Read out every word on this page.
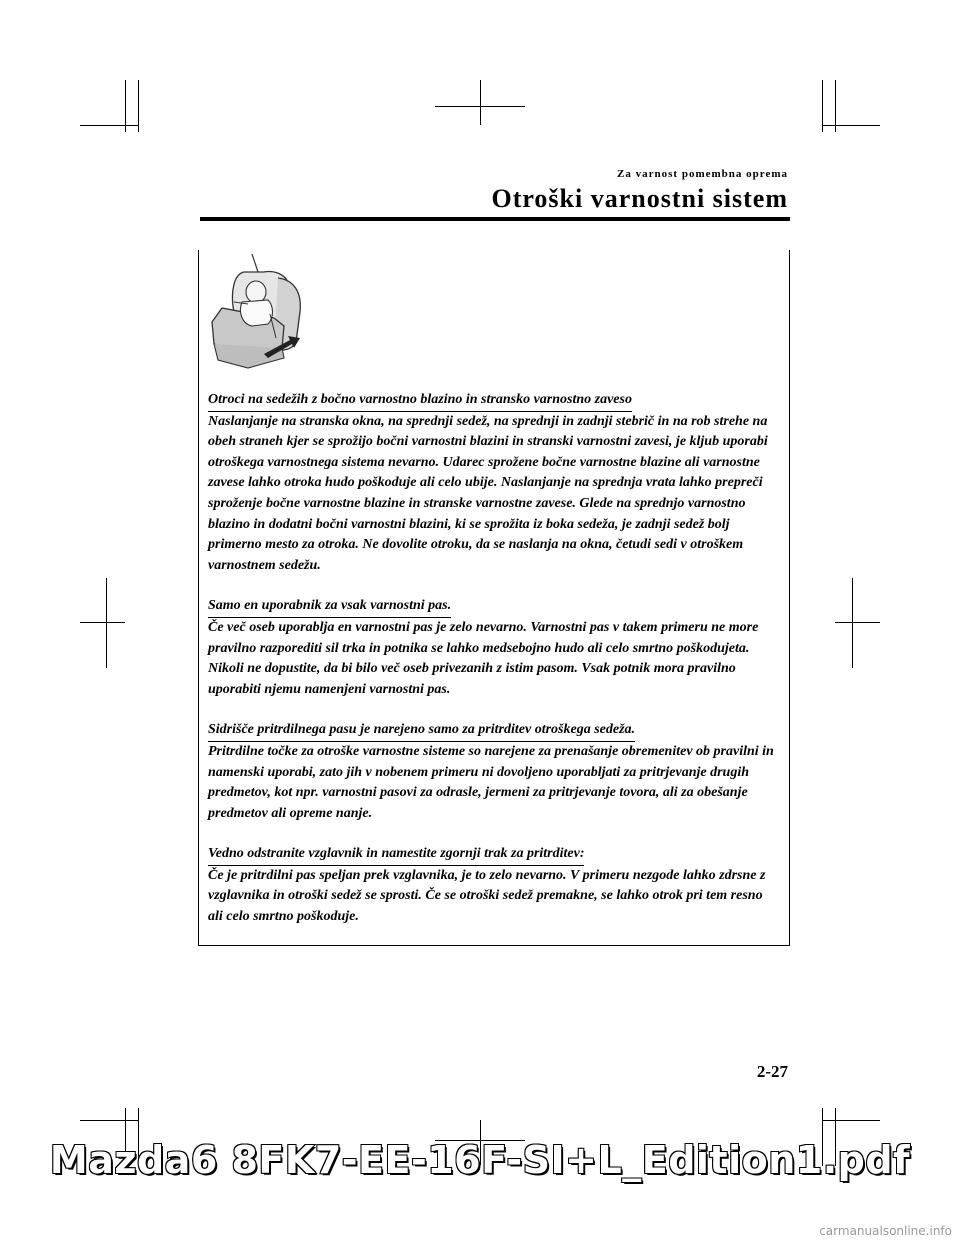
Za varnost pomembna oprema
Otroški varnostni sistem
Otroci na sedežih z bočno varnostno blazino in stransko varnostno zaveso
Naslanjanje na stranska okna, na sprednji sedež, na sprednji in zadnji stebrič in na rob strehe na obeh straneh kjer se sprožijo bočni varnostni blazini in stranski varnostni zavesi, je kljub uporabi otroškega varnostnega sistema nevarno. Udarec sprožene bočne varnostne blazine ali varnostne zavese lahko otroka hudo poškoduje ali celo ubije. Naslanjanje na sprednja vrata lahko prepreči sproženje bočne varnostne blazine in stranske varnostne zavese. Glede na sprednjo varnostno blazino in dodatni bočni varnostni blazini, ki se sprožita iz boka sedeža, je zadnji sedež bolj primerno mesto za otroka. Ne dovolite otroku, da se naslanja na okna, četudi sedi v otroškem varnostnem sedežu.
Samo en uporabnik za vsak varnostni pas.
Če več oseb uporablja en varnostni pas je zelo nevarno. Varnostni pas v takem primeru ne more pravilno razporediti sil trka in potnika se lahko medsebojno hudo ali celo smrtno poškodujeta. Nikoli ne dopustite, da bi bilo več oseb privezanih z istim pasom. Vsak potnik mora pravilno uporabiti njemu namenjeni varnostni pas.
Sidrišče pritrdilnega pasu je narejeno samo za pritrditev otroškega sedeža.
Pritrdilne točke za otroške varnostne sisteme so narejene za prenašanje obremenitev ob pravilni in namenski uporabi, zato jih v nobenem primeru ni dovoljeno uporabljati za pritrjevanje drugih predmetov, kot npr. varnostni pasovi za odrasle, jermeni za pritrjevanje tovora, ali za obešanje predmetov ali opreme nanje.
Vedno odstranite vzglavnik in namestite zgornji trak za pritrditev:
Če je pritrdilni pas speljan prek vzglavnika, je to zelo nevarno. V primeru nezgode lahko zdrsne z vzglavnika in otroški sedež se sprosti. Če se otroški sedež premakne, se lahko otrok pri tem resno ali celo smrtno poškoduje.
2-27
Mazda6 8FK7-EE-16F-SI+L_Edition1.pdf
carmanualsonline.info
